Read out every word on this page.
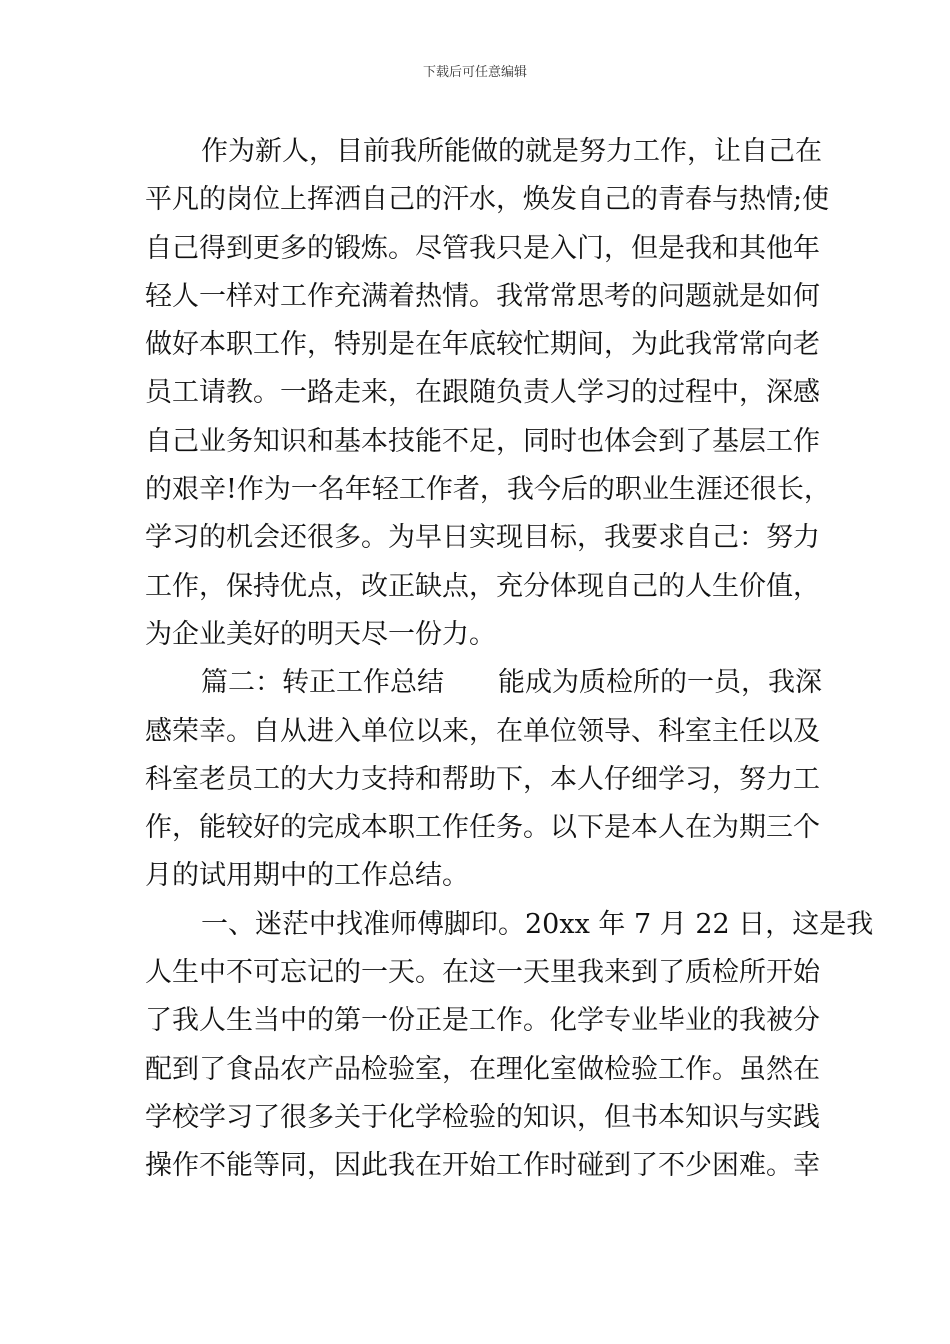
下载后可任意编辑
作为新人，目前我所能做的就是努力工作，让自己在
平凡的岗位上挥洒自己的汗水，焕发自己的青春与热情;使
自己得到更多的锻炼。尽管我只是入门，但是我和其他年
轻人一样对工作充满着热情。我常常思考的问题就是如何
做好本职工作，特别是在年底较忙期间，为此我常常向老
员工请教。一路走来，在跟随负责人学习的过程中，深感
自己业务知识和基本技能不足，同时也体会到了基层工作
的艰辛!作为一名年轻工作者，我今后的职业生涯还很长，
学习的机会还很多。为早日实现目标，我要求自己：努力
工作，保持优点，改正缺点，充分体现自己的人生价值，
为企业美好的明天尽一份力。
篇二：转正工作总结　　能成为质检所的一员，我深
感荣幸。自从进入单位以来，在单位领导、科室主任以及
科室老员工的大力支持和帮助下，本人仔细学习，努力工
作，能较好的完成本职工作任务。以下是本人在为期三个
月的试用期中的工作总结。
一、迷茫中找准师傅脚印。20xx 年 7 月 22 日，这是我
人生中不可忘记的一天。在这一天里我来到了质检所开始
了我人生当中的第一份正是工作。化学专业毕业的我被分
配到了食品农产品检验室，在理化室做检验工作。虽然在
学校学习了很多关于化学检验的知识，但书本知识与实践
操作不能等同，因此我在开始工作时碰到了不少困难。幸
